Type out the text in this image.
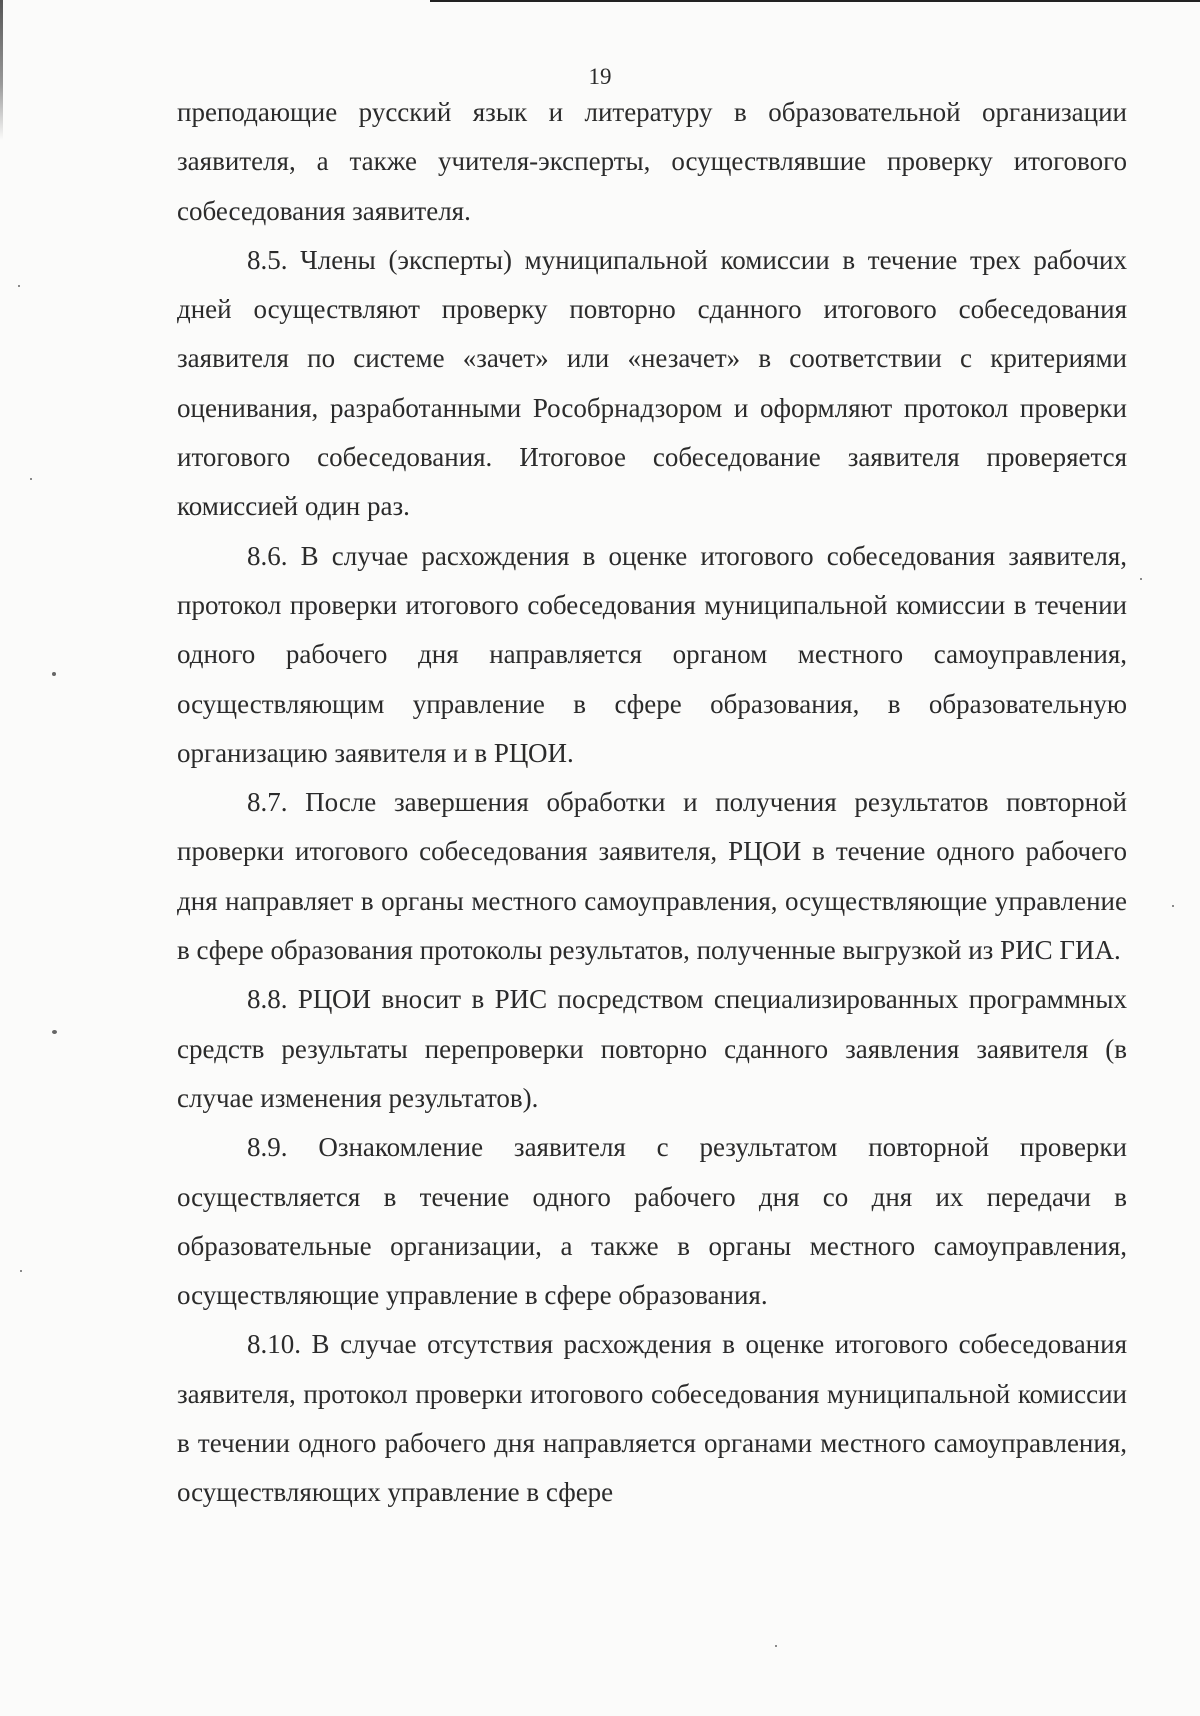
19

преподающие русский язык и литературу в образовательной организации заявителя, а также учителя-эксперты, осуществлявшие проверку итогового собеседования заявителя.

8.5. Члены (эксперты) муниципальной комиссии в течение трех рабочих дней осуществляют проверку повторно сданного итогового собеседования заявителя по системе «зачет» или «незачет» в соответствии с критериями оценивания, разработанными Рособрнадзором и оформляют протокол проверки итогового собеседования. Итоговое собеседование заявителя проверяется комиссией один раз.

8.6. В случае расхождения в оценке итогового собеседования заявителя, протокол проверки итогового собеседования муниципальной комиссии в течении одного рабочего дня направляется органом местного самоуправления, осуществляющим управление в сфере образования, в образовательную организацию заявителя и в РЦОИ.

8.7. После завершения обработки и получения результатов повторной проверки итогового собеседования заявителя, РЦОИ в течение одного рабочего дня направляет в органы местного самоуправления, осуществляющие управление в сфере образования протоколы результатов, полученные выгрузкой из РИС ГИА.

8.8. РЦОИ вносит в РИС посредством специализированных программных средств результаты перепроверки повторно сданного заявления заявителя (в случае изменения результатов).

8.9. Ознакомление заявителя с результатом повторной проверки осуществляется в течение одного рабочего дня со дня их передачи в образовательные организации, а также в органы местного самоуправления, осуществляющие управление в сфере образования.

8.10. В случае отсутствия расхождения в оценке итогового собеседования заявителя, протокол проверки итогового собеседования муниципальной комиссии в течении одного рабочего дня направляется органами местного самоуправления, осуществляющих управление в сфере
